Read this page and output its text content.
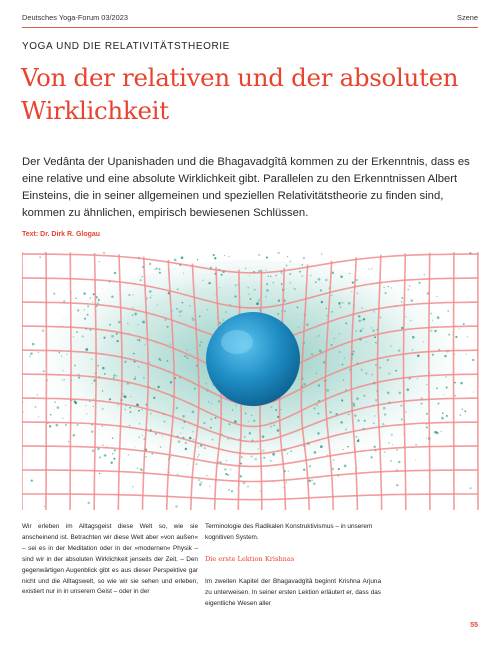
Deutsches Yoga-Forum 03/2023	Szene
YOGA UND DIE RELATIVITÄTSTHEORIE
Von der relativen und der absoluten Wirklichkeit
Der Vedânta der Upanishaden und die Bhagavadgîtâ kommen zu der Erkenntnis, dass es eine relative und eine absolute Wirklichkeit gibt. Parallelen zu den Erkenntnissen Albert Einsteins, die in seiner allgemeinen und speziellen Relativitätstheorie zu finden sind, kommen zu ähnlichen, empirisch bewiesenen Schlüssen.
Text: Dr. Dirk R. Glogau
Wir erleben im Alltagsgeist diese Welt so, wie sie anscheinend ist. Betrachten wir diese Welt aber »von außen« – sei es in der Meditation oder in der »modernen« Physik – sind wir in der absoluten Wirklichkeit jenseits der Zeit. – Den gegenwärtigen Augenblick gibt es aus dieser Perspektive gar nicht und die Alltagswelt, so wie wir sie sehen und erleben, existiert nur in in unserem Geist – oder in der
Terminologie des Radikalen Konstruktivismus – in unserem kognitiven System.
Die erste Lektion Krishnas
Im zweiten Kapitel der Bhagavadgîtâ beginnt Krishna Arjuna zu unterweisen. In seiner ersten Lektion erläutert er, dass das eigentliche Wesen aller
55
